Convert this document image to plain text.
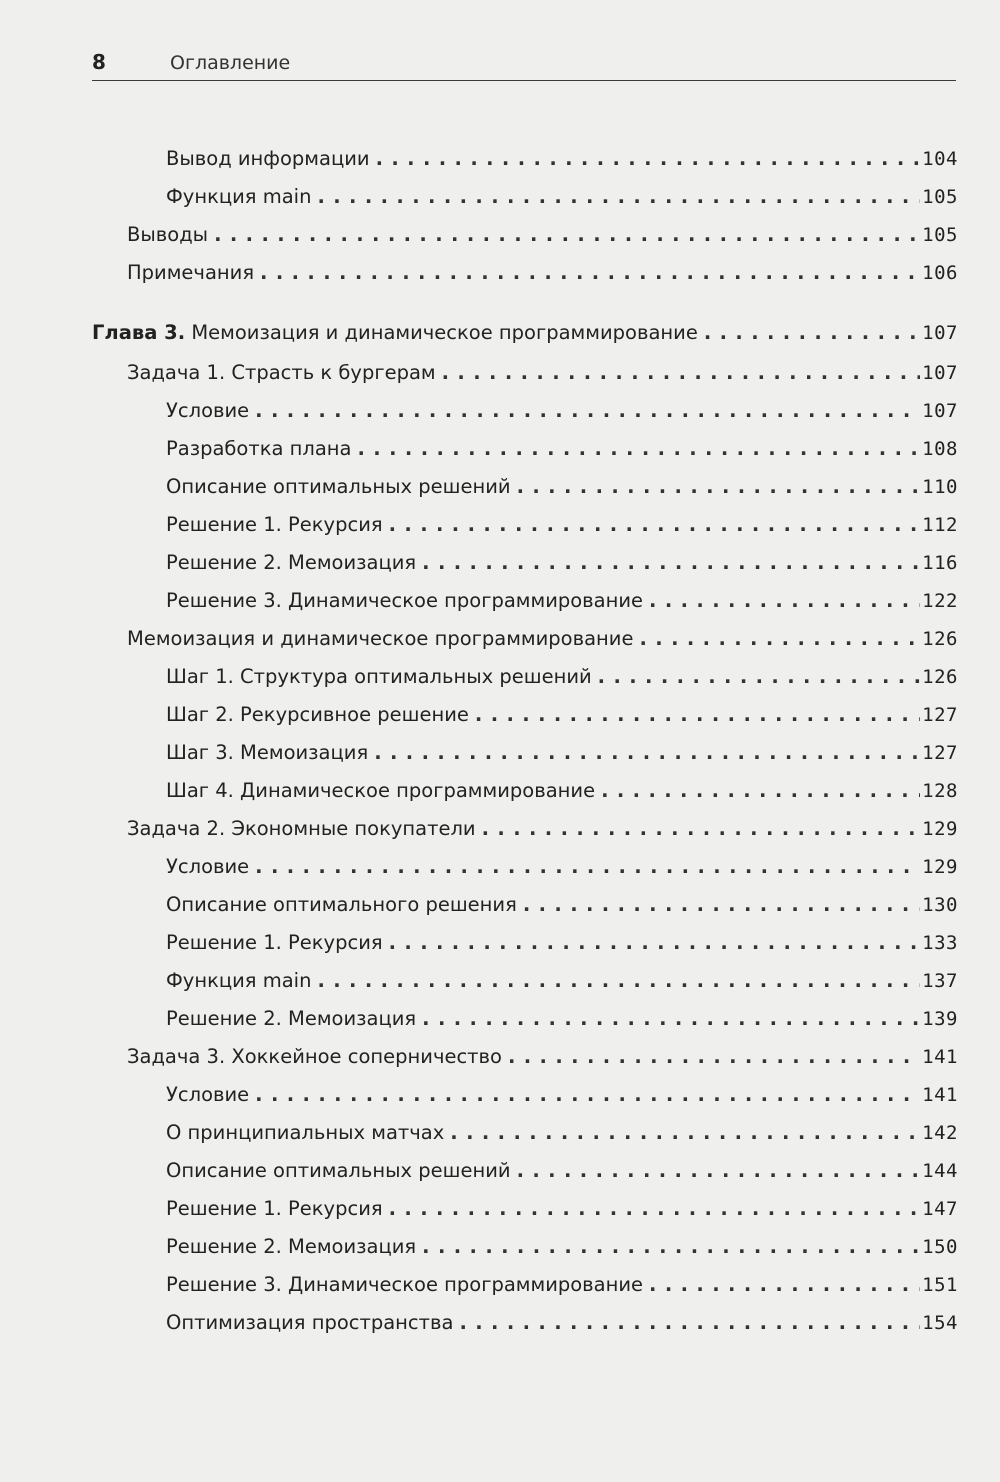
8	Оглавление
Вывод информации . . .	104
Функция main . . .	105
Выводы . . .	105
Примечания . . .	106
Глава 3. Мемоизация и динамическое программирование . . .	107
Задача 1. Страсть к бургерам . . .	107
Условие . . .	107
Разработка плана . . .	108
Описание оптимальных решений . . .	110
Решение 1. Рекурсия . . .	112
Решение 2. Мемоизация . . .	116
Решение 3. Динамическое программирование . . .	122
Мемоизация и динамическое программирование . . .	126
Шаг 1. Структура оптимальных решений . . .	126
Шаг 2. Рекурсивное решение . . .	127
Шаг 3. Мемоизация . . .	127
Шаг 4. Динамическое программирование . . .	128
Задача 2. Экономные покупатели . . .	129
Условие . . .	129
Описание оптимального решения . . .	130
Решение 1. Рекурсия . . .	133
Функция main . . .	137
Решение 2. Мемоизация . . .	139
Задача 3. Хоккейное соперничество . . .	141
Условие . . .	141
О принципиальных матчах . . .	142
Описание оптимальных решений . . .	144
Решение 1. Рекурсия . . .	147
Решение 2. Мемоизация . . .	150
Решение 3. Динамическое программирование . . .	151
Оптимизация пространства . . .	154
